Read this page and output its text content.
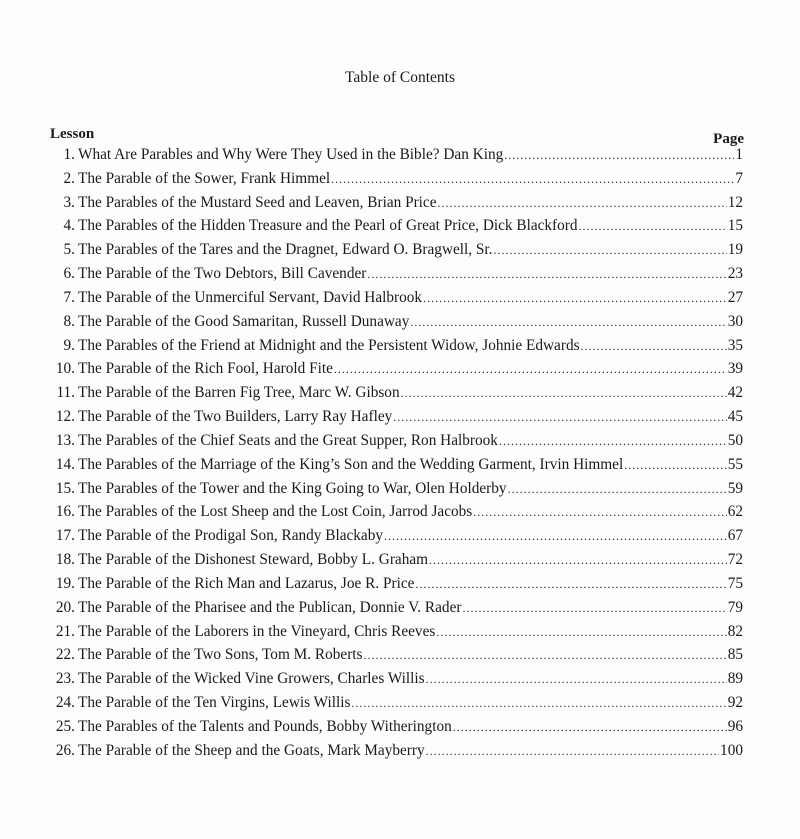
Table of Contents
Lesson	Page
1. What Are Parables and Why Were They Used in the Bible? Dan King .....	1
2. The Parable of the Sower, Frank Himmel .....	7
3. The Parables of the Mustard Seed and Leaven, Brian Price .....	12
4. The Parables of the Hidden Treasure and the Pearl of Great Price, Dick Blackford .....	15
5. The Parables of the Tares and the Dragnet, Edward O. Bragwell, Sr. .....	19
6. The Parable of the Two Debtors, Bill Cavender .....	23
7. The Parable of the Unmerciful Servant, David Halbrook .....	27
8. The Parable of the Good Samaritan, Russell Dunaway .....	30
9. The Parables of the Friend at Midnight and the Persistent Widow, Johnie Edwards .....	35
10. The Parable of the Rich Fool, Harold Fite .....	39
11. The Parable of the Barren Fig Tree, Marc W. Gibson .....	42
12. The Parable of the Two Builders, Larry Ray Hafley .....	45
13. The Parables of the Chief Seats and the Great Supper, Ron Halbrook .....	50
14. The Parables of the Marriage of the King’s Son and the Wedding Garment, Irvin Himmel .....	55
15. The Parables of the Tower and the King Going to War, Olen Holderby .....	59
16. The Parables of the Lost Sheep and the Lost Coin, Jarrod Jacobs .....	62
17. The Parable of the Prodigal Son, Randy Blackaby .....	67
18. The Parable of the Dishonest Steward, Bobby L. Graham .....	72
19. The Parable of the Rich Man and Lazarus, Joe R. Price .....	75
20. The Parable of the Pharisee and the Publican, Donnie V. Rader .....	79
21. The Parable of the Laborers in the Vineyard, Chris Reeves .....	82
22. The Parable of the Two Sons, Tom M. Roberts .....	85
23. The Parable of the Wicked Vine Growers, Charles Willis .....	89
24. The Parable of the Ten Virgins, Lewis Willis .....	92
25. The Parables of the Talents and Pounds, Bobby Witherington .....	96
26. The Parable of the Sheep and the Goats, Mark Mayberry .....	100
